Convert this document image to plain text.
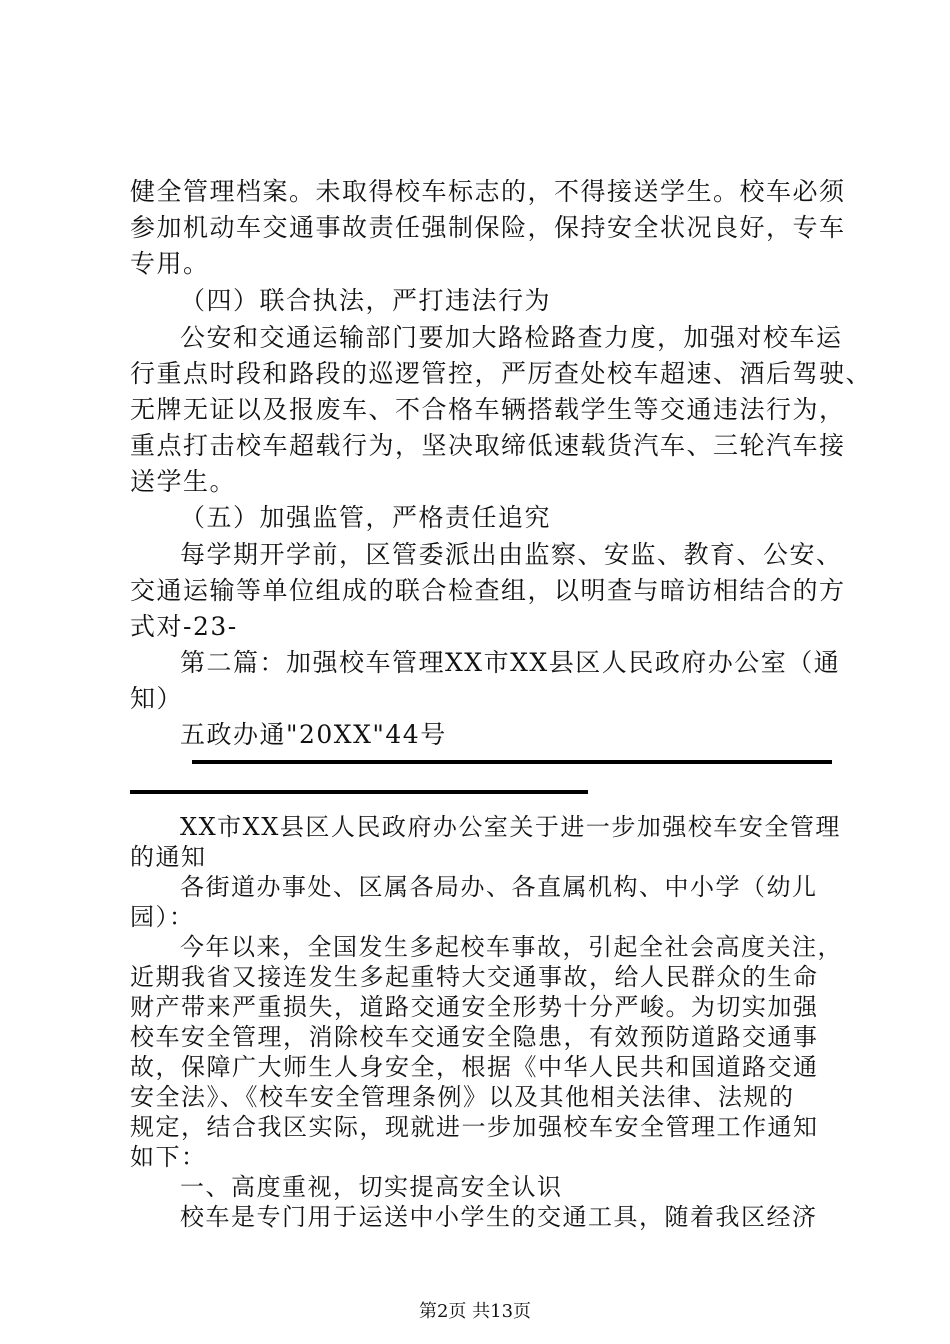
健全管理档案。未取得校车标志的，不得接送学生。校车必须
参加机动车交通事故责任强制保险，保持安全状况良好，专车
专用。
（四）联合执法，严打违法行为
公安和交通运输部门要加大路检路查力度，加强对校车运
行重点时段和路段的巡逻管控，严厉查处校车超速、酒后驾驶、
无牌无证以及报废车、不合格车辆搭载学生等交通违法行为，
重点打击校车超载行为，坚决取缔低速载货汽车、三轮汽车接
送学生。
（五）加强监管，严格责任追究
每学期开学前，区管委派出由监察、安监、教育、公安、
交通运输等单位组成的联合检查组，以明查与暗访相结合的方
式对-23-
第二篇：加强校车管理XX市XX县区人民政府办公室（通
知）
五政办通"20XX"44号
XX市XX县区人民政府办公室关于进一步加强校车安全管理
的通知
各街道办事处、区属各局办、各直属机构、中小学（幼儿
园）：
今年以来，全国发生多起校车事故，引起全社会高度关注，
近期我省又接连发生多起重特大交通事故，给人民群众的生命
财产带来严重损失，道路交通安全形势十分严峻。为切实加强
校车安全管理，消除校车交通安全隐患，有效预防道路交通事
故，保障广大师生人身安全，根据《中华人民共和国道路交通
安全法》、《校车安全管理条例》以及其他相关法律、法规的
规定，结合我区实际，现就进一步加强校车安全管理工作通知
如下：
一、高度重视，切实提高安全认识
校车是专门用于运送中小学生的交通工具，随着我区经济
第2页 共13页
